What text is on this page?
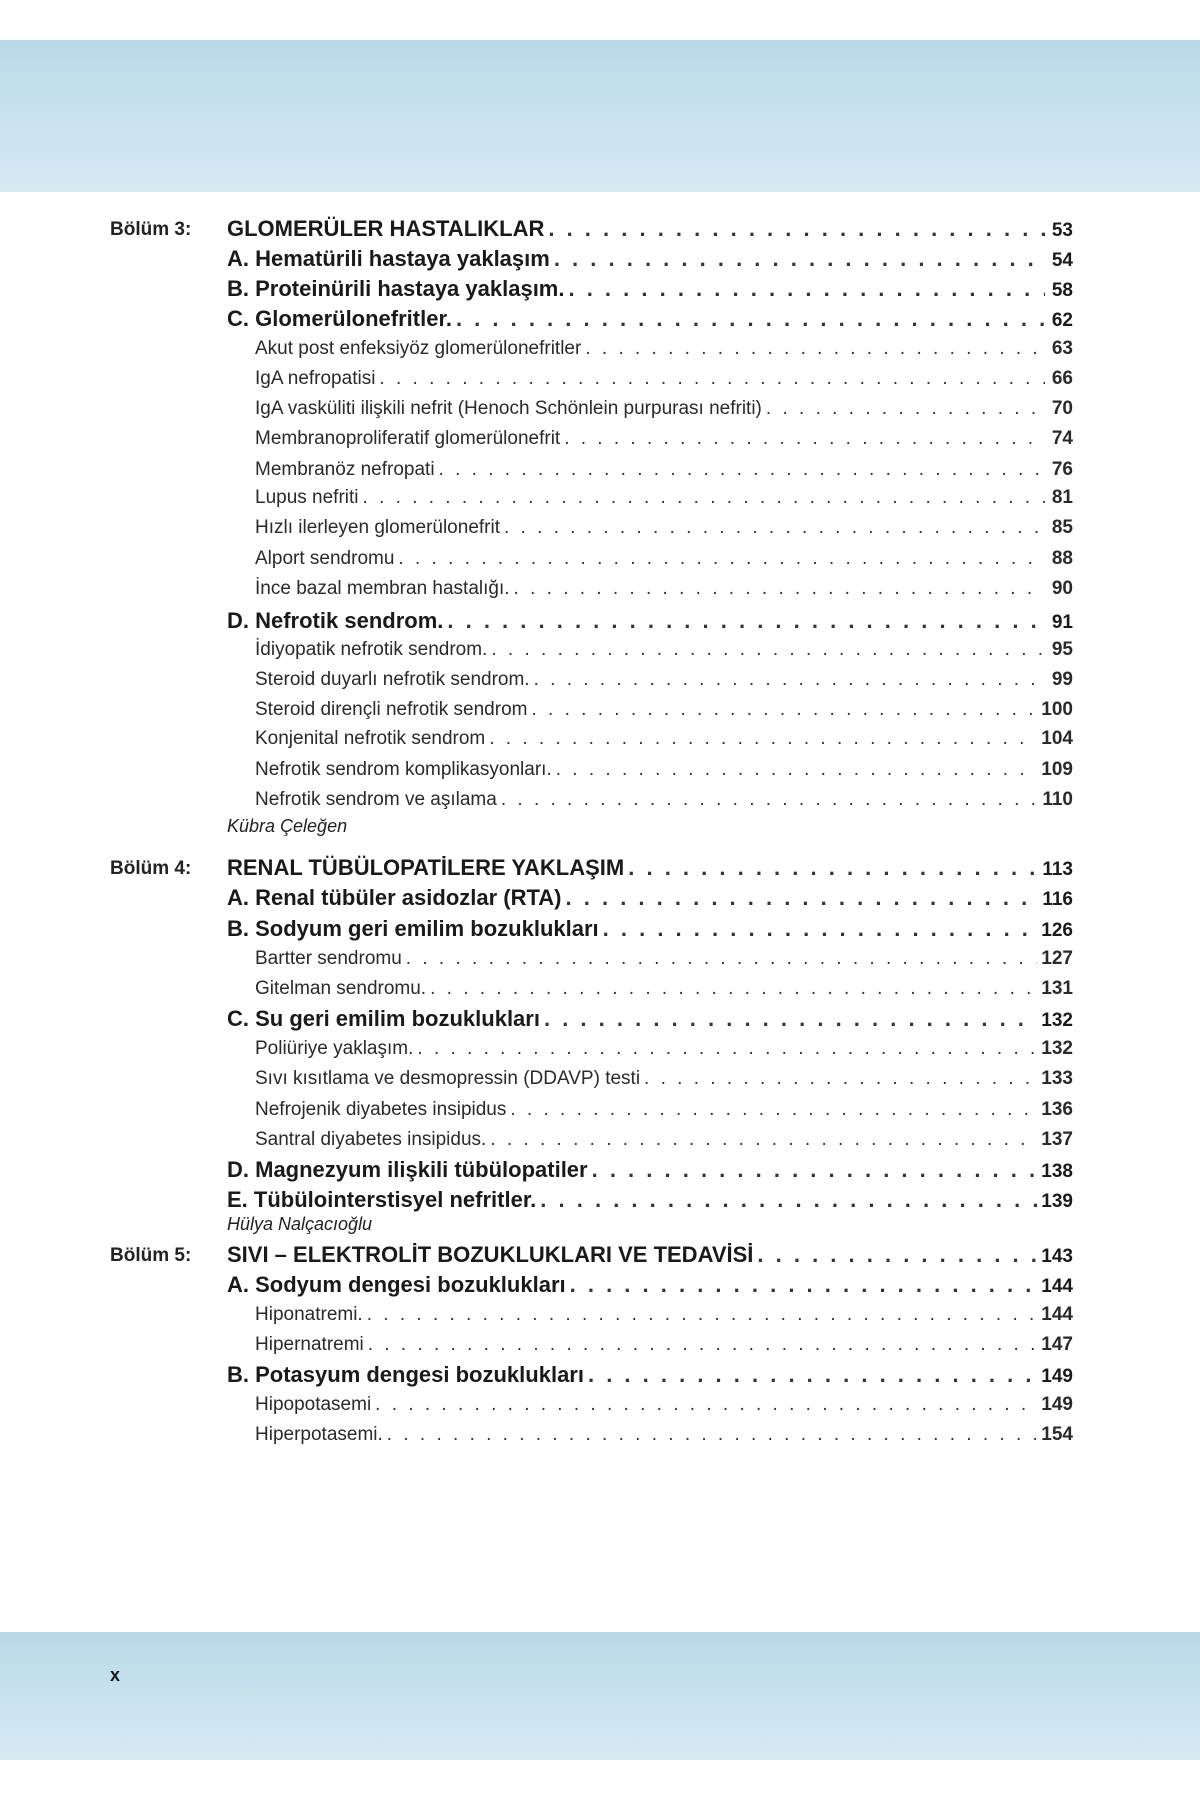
Bölüm 3: GLOMERÜLER HASTALIKLAR . . .	53
A. Hematürili hastaya yaklaşım . . .	54
B. Proteinürili hastaya yaklaşım. . . .	58
C. Glomerülonefritler. . . .	62
Akut post enfeksiyöz glomerülonefritler . . .	63
IgA nefropatisi . . .	66
IgA vasküliti ilişkili nefrit (Henoch Schönlein purpurası nefriti) . . .	70
Membranoproliferatif glomerülonefrit . . .	74
Membranöz nefropati . . .	76
Lupus nefriti . . .	81
Hızlı ilerleyen glomerülonefrit . . .	85
Alport sendromu . . .	88
İnce bazal membran hastalığı. . . .	90
D. Nefrotik sendrom. . . .	91
İdiyopatik nefrotik sendrom. . . .	95
Steroid duyarlı nefrotik sendrom. . . .	99
Steroid dirençli nefrotik sendrom . . .	100
Konjenital nefrotik sendrom . . .	104
Nefrotik sendrom komplikasyonları. . . .	109
Nefrotik sendrom ve aşılama . . .	110
Kübra Çeleğen
Bölüm 4: RENAL TÜBÜLOPATİLERE YAKLAŞIM . . .	113
A. Renal tübüler asidozlar (RTA) . . .	116
B. Sodyum geri emilim bozuklukları . . .	126
Bartter sendromu . . .	127
Gitelman sendromu. . . .	131
C. Su geri emilim bozuklukları . . .	132
Poliüriye yaklaşım. . . .	132
Sıvı kısıtlama ve desmopressin (DDAVP) testi . . .	133
Nefrojenik diyabetes insipidus . . .	136
Santral diyabetes insipidus. . . .	137
D. Magnezyum ilişkili tübülopatiler . . .	138
E. Tübülointerstisyel nefritler. . . .	139
Hülya Nalçacıoğlu
Bölüm 5: SIVI – ELEKTROLİT BOZUKLUKLARI VE TEDAVİSİ . . .	143
A. Sodyum dengesi bozuklukları . . .	144
Hiponatremi. . . .	144
Hipernatremi . . .	147
B. Potasyum dengesi bozuklukları . . .	149
Hipopotasemi . . .	149
Hiperpotasemi. . . .	154
x
